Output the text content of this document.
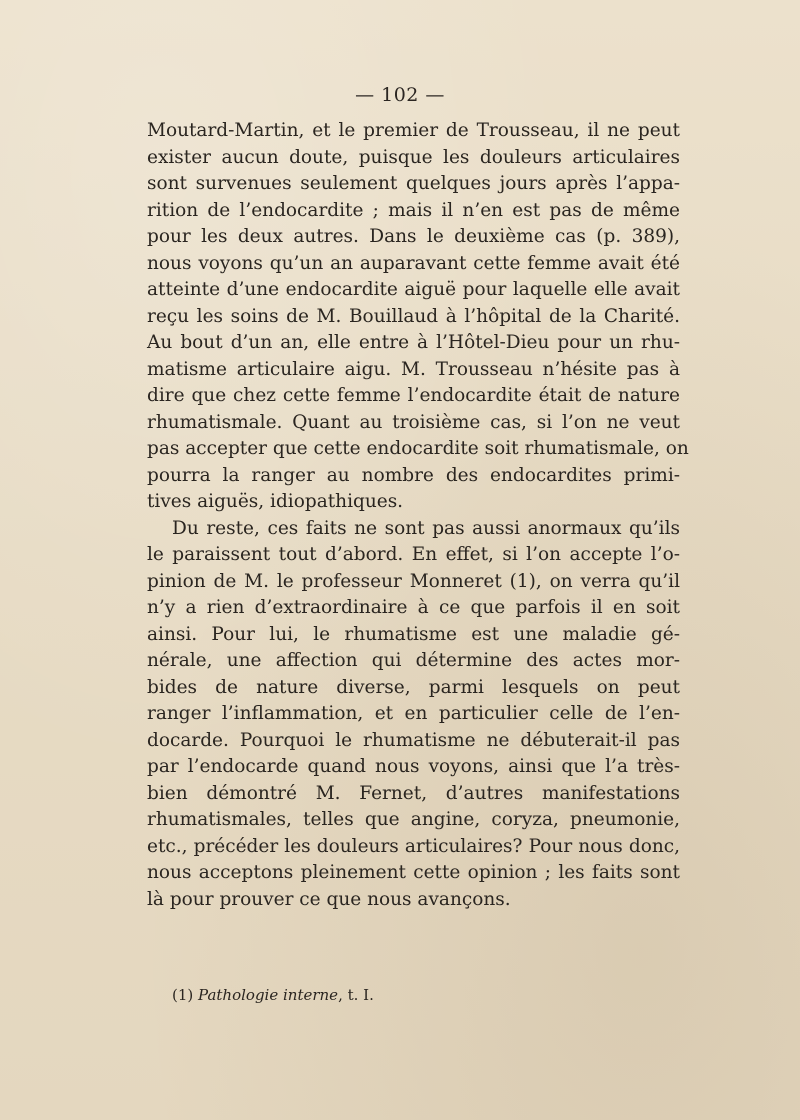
— 102 —
Moutard-Martin, et le premier de Trousseau, il ne peut
exister aucun doute, puisque les douleurs articulaires
sont survenues seulement quelques jours après l’appa-
rition de l’endocardite ; mais il n’en est pas de même
pour les deux autres. Dans le deuxième cas (p. 389),
nous voyons qu’un an auparavant cette femme avait été
atteinte d’une endocardite aiguë pour laquelle elle avait
reçu les soins de M. Bouillaud à l’hôpital de la Charité.
Au bout d’un an, elle entre à l’Hôtel-Dieu pour un rhu-
matisme articulaire aigu. M. Trousseau n’hésite pas à
dire que chez cette femme l’endocardite était de nature
rhumatismale. Quant au troisième cas, si l’on ne veut
pas accepter que cette endocardite soit rhumatismale, on
pourra la ranger au nombre des endocardites primi-
tives aiguës, idiopathiques.
Du reste, ces faits ne sont pas aussi anormaux qu’ils
le paraissent tout d’abord. En effet, si l’on accepte l’o-
pinion de M. le professeur Monneret (1), on verra qu’il
n’y a rien d’extraordinaire à ce que parfois il en soit
ainsi. Pour lui, le rhumatisme est une maladie gé-
nérale, une affection qui détermine des actes mor-
bides de nature diverse, parmi lesquels on peut
ranger l’inflammation, et en particulier celle de l’en-
docarde. Pourquoi le rhumatisme ne débuterait-il pas
par l’endocarde quand nous voyons, ainsi que l’a très-
bien démontré M. Fernet, d’autres manifestations
rhumatismales, telles que angine, coryza, pneumonie,
etc., précéder les douleurs articulaires? Pour nous donc,
nous acceptons pleinement cette opinion ; les faits sont
là pour prouver ce que nous avançons.
(1) Pathologie interne, t. I.
